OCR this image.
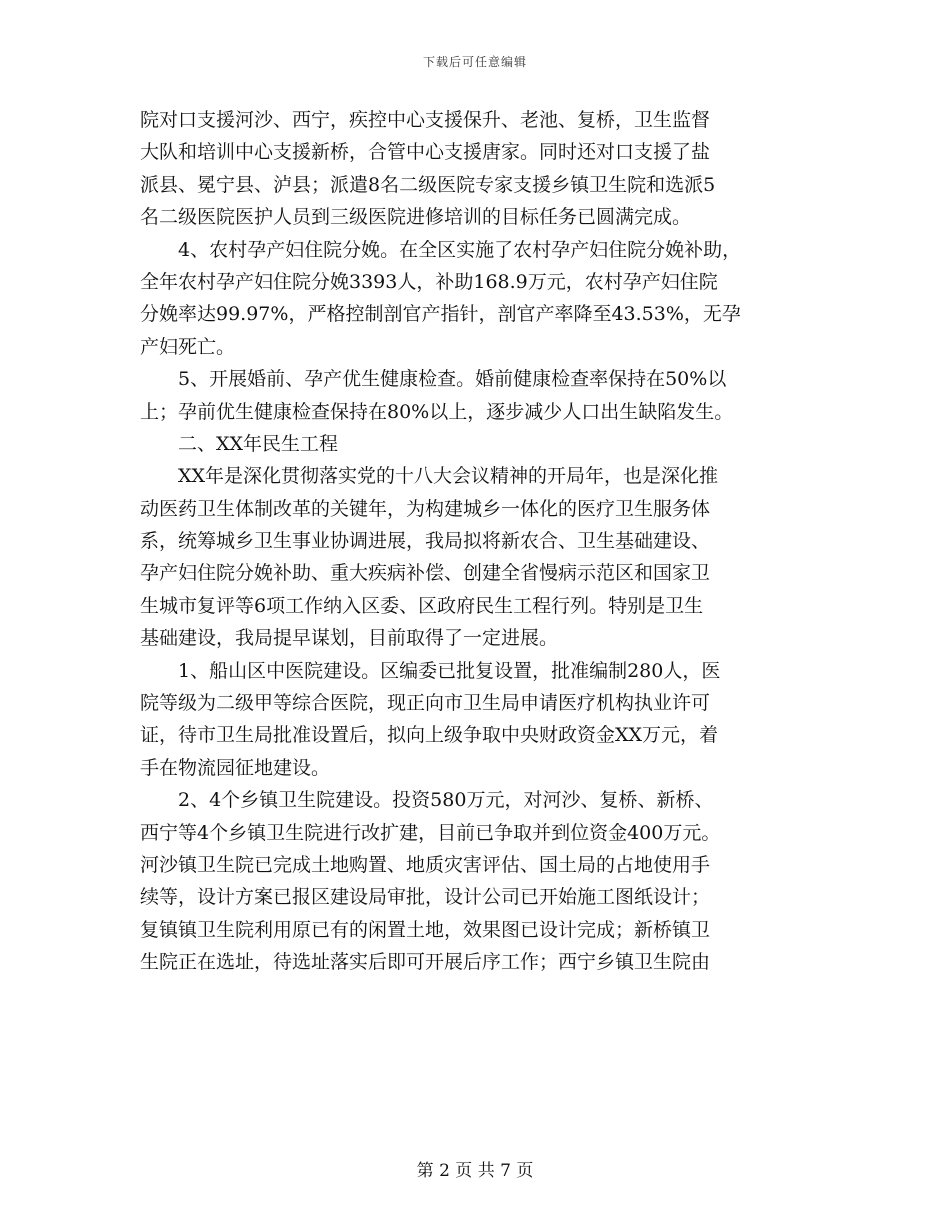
下载后可任意编辑
院对口支援河沙、西宁，疾控中心支援保升、老池、复桥，卫生监督
大队和培训中心支援新桥，合管中心支援唐家。同时还对口支援了盐
派县、冕宁县、泸县；派遣8名二级医院专家支援乡镇卫生院和选派5
名二级医院医护人员到三级医院进修培训的目标任务已圆满完成。
　　4、农村孕产妇住院分娩。在全区实施了农村孕产妇住院分娩补助，
全年农村孕产妇住院分娩3393人，补助168.9万元，农村孕产妇住院
分娩率达99.97%，严格控制剖官产指针，剖官产率降至43.53%，无孕
产妇死亡。
　　5、开展婚前、孕产优生健康检查。婚前健康检查率保持在50%以
上；孕前优生健康检查保持在80%以上，逐步减少人口出生缺陷发生。
　　二、XX年民生工程
　　XX年是深化贯彻落实党的十八大会议精神的开局年，也是深化推
动医药卫生体制改革的关键年，为构建城乡一体化的医疗卫生服务体
系，统筹城乡卫生事业协调进展，我局拟将新农合、卫生基础建设、
孕产妇住院分娩补助、重大疾病补偿、创建全省慢病示范区和国家卫
生城市复评等6项工作纳入区委、区政府民生工程行列。特别是卫生
基础建设，我局提早谋划，目前取得了一定进展。
　　1、船山区中医院建设。区编委已批复设置，批准编制280人，医
院等级为二级甲等综合医院，现正向市卫生局申请医疗机构执业许可
证，待市卫生局批准设置后，拟向上级争取中央财政资金XX万元，着
手在物流园征地建设。
　　2、4个乡镇卫生院建设。投资580万元，对河沙、复桥、新桥、
西宁等4个乡镇卫生院进行改扩建，目前已争取并到位资金400万元。
河沙镇卫生院已完成土地购置、地质灾害评估、国土局的占地使用手
续等，设计方案已报区建设局审批，设计公司已开始施工图纸设计；
复镇镇卫生院利用原已有的闲置土地，效果图已设计完成；新桥镇卫
生院正在选址，待选址落实后即可开展后序工作；西宁乡镇卫生院由
第 2 页 共 7 页
